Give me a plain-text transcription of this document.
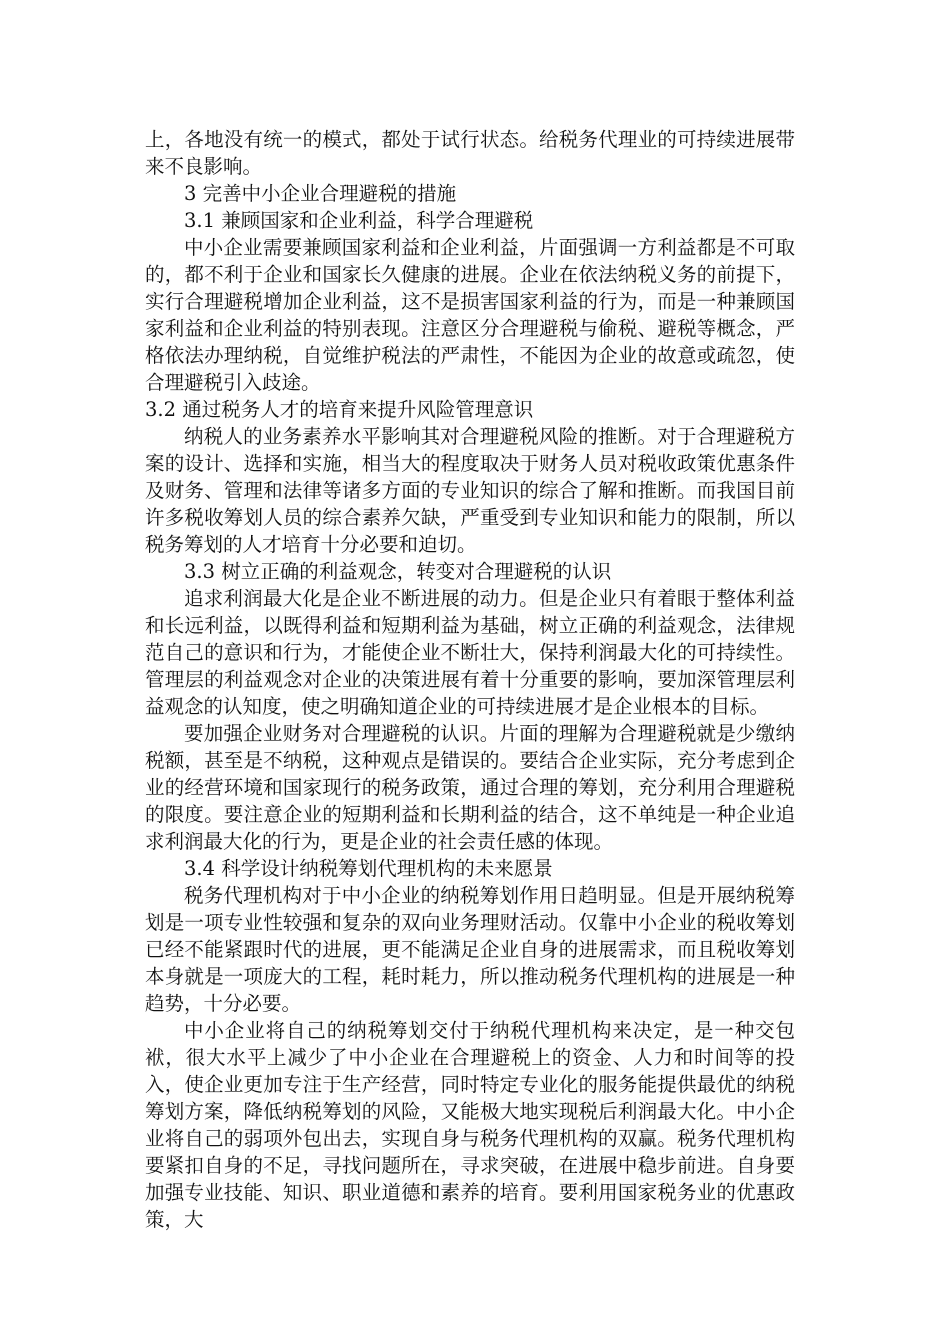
上，各地没有统一的模式，都处于试行状态。给税务代理业的可持续进展带来不良影响。

3 完善中小企业合理避税的措施

3.1 兼顾国家和企业利益，科学合理避税

中小企业需要兼顾国家利益和企业利益，片面强调一方利益都是不可取的，都不利于企业和国家长久健康的进展。企业在依法纳税义务的前提下，实行合理避税增加企业利益，这不是损害国家利益的行为，而是一种兼顾国家利益和企业利益的特别表现。注意区分合理避税与偷税、避税等概念，严格依法办理纳税，自觉维护税法的严肃性，不能因为企业的故意或疏忽，使合理避税引入歧途。

3.2 通过税务人才的培育来提升风险管理意识

纳税人的业务素养水平影响其对合理避税风险的推断。对于合理避税方案的设计、选择和实施，相当大的程度取决于财务人员对税收政策优惠条件及财务、管理和法律等诸多方面的专业知识的综合了解和推断。而我国目前许多税收筹划人员的综合素养欠缺，严重受到专业知识和能力的限制，所以税务筹划的人才培育十分必要和迫切。

3.3 树立正确的利益观念，转变对合理避税的认识

追求利润最大化是企业不断进展的动力。但是企业只有着眼于整体利益和长远利益，以既得利益和短期利益为基础，树立正确的利益观念，法律规范自己的意识和行为，才能使企业不断壮大，保持利润最大化的可持续性。管理层的利益观念对企业的决策进展有着十分重要的影响，要加深管理层利益观念的认知度，使之明确知道企业的可持续进展才是企业根本的目标。

要加强企业财务对合理避税的认识。片面的理解为合理避税就是少缴纳税额，甚至是不纳税，这种观点是错误的。要结合企业实际，充分考虑到企业的经营环境和国家现行的税务政策，通过合理的筹划，充分利用合理避税的限度。要注意企业的短期利益和长期利益的结合，这不单纯是一种企业追求利润最大化的行为，更是企业的社会责任感的体现。

3.4 科学设计纳税筹划代理机构的未来愿景

税务代理机构对于中小企业的纳税筹划作用日趋明显。但是开展纳税筹划是一项专业性较强和复杂的双向业务理财活动。仅靠中小企业的税收筹划已经不能紧跟时代的进展，更不能满足企业自身的进展需求，而且税收筹划本身就是一项庞大的工程，耗时耗力，所以推动税务代理机构的进展是一种趋势，十分必要。

中小企业将自己的纳税筹划交付于纳税代理机构来决定，是一种交包袱，很大水平上减少了中小企业在合理避税上的资金、人力和时间等的投入，使企业更加专注于生产经营，同时特定专业化的服务能提供最优的纳税筹划方案，降低纳税筹划的风险，又能极大地实现税后利润最大化。中小企业将自己的弱项外包出去，实现自身与税务代理机构的双赢。税务代理机构要紧扣自身的不足，寻找问题所在，寻求突破，在进展中稳步前进。自身要加强专业技能、知识、职业道德和素养的培育。要利用国家税务业的优惠政策，大
